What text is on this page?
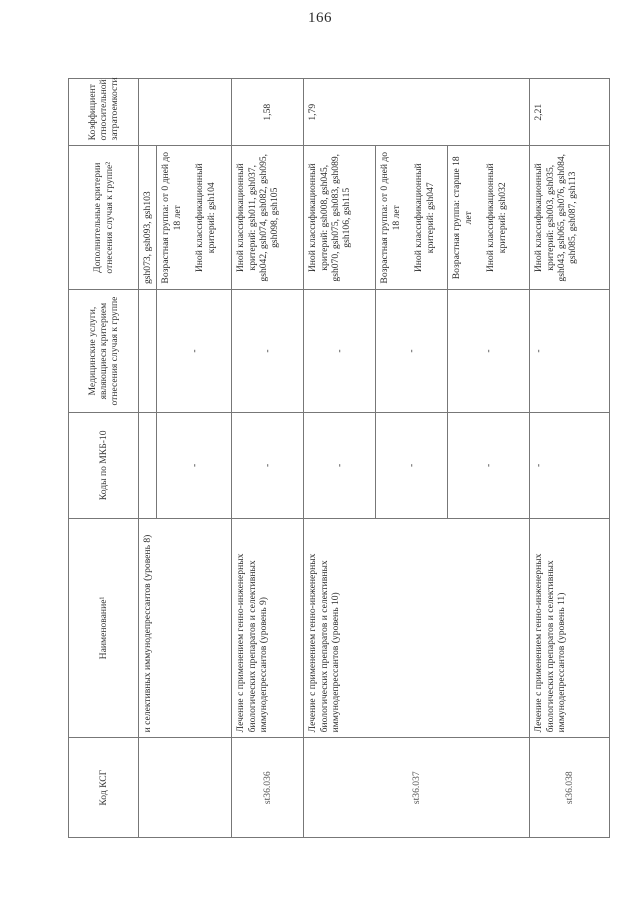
166
Код КСГ	Наименование¹	Коды по МКБ-10	Медицинские услуги, являющиеся критерием отнесения случая к группе	Дополнительные критерии отнесения случая к группе²	Коэффициент относительной затратоемкости
	и селективных иммунодепрессантов (уровень 8)			gsh073, gsh093, gsh103	
		-	-	Возрастная группа: от 0 дней до 18 лет

Иной классификационный критерий: gsh104	
st36.036	Лечение с применением генно-инженерных биологических препаратов и селективных иммунодепрессантов (уровень 9)	-	-	Иной классификационный критерий: gsh011, gsh037, gsh042, gsh074, gsh082, gsh095, gsh098, gsh105	1,58
st36.037	Лечение с применением генно-инженерных биологических препаратов и селективных иммунодепрессантов (уровень 10)	-	-	Иной классификационный критерий: gsh008, gsh045, gsh070, gsh075, gsh083, gsh089, gsh106, gsh115	1,79
		-	-	Возрастная группа: от 0 дней до 18 лет

Иной классификационный критерий: gsh047	
		-	-	Возрастная группа: старше 18 лет

Иной классификационный критерий: gsh032	
st36.038	Лечение с применением генно-инженерных биологических препаратов и селективных иммунодепрессантов (уровень 11)	-	-	Иной классификационный критерий: gsh003, gsh035, gsh043, gsh065, gsh076, gsh084, gsh085, gsh087, gsh113	2,21
